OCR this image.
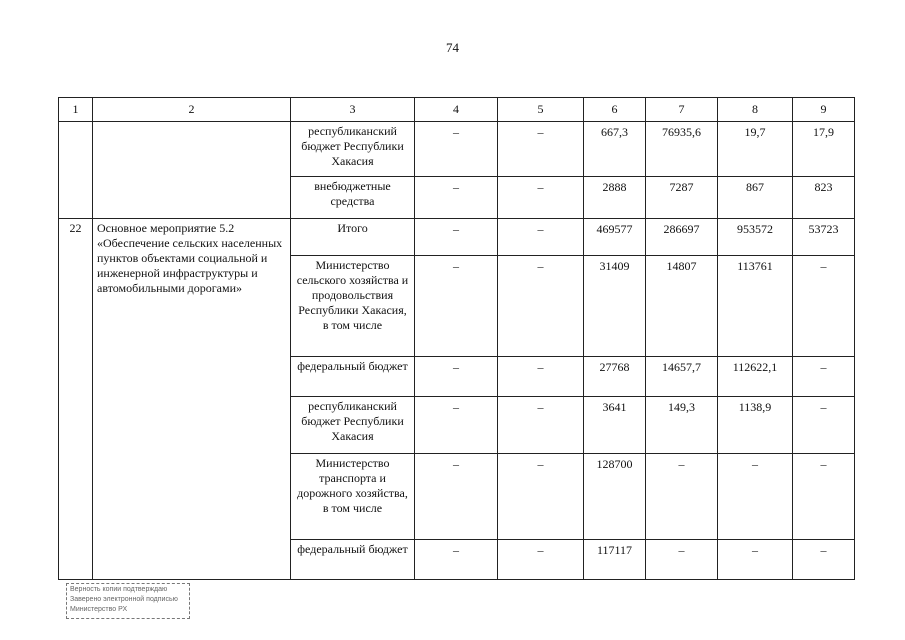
74
1	2	3	4	5	6	7	8	9
		республиканский бюджет Республики Хакасия	–	–	667,3	76935,6	19,7	17,9
		внебюджетные средства	–	–	2888	7287	867	823
22	Основное мероприятие 5.2 «Обеспечение сельских населенных пунктов объектами социальной и инженерной инфраструктуры и автомобильными дорогами»	Итого	–	–	469577	286697	953572	53723
		Министерство сельского хозяйства и продовольствия Республики Хакасия, в том числе	–	–	31409	14807	113761	–
		федеральный бюджет	–	–	27768	14657,7	112622,1	–
		республиканский бюджет Республики Хакасия	–	–	3641	149,3	1138,9	–
		Министерство транспорта и дорожного хозяйства, в том числе	–	–	128700	–	–	–
		федеральный бюджет	–	–	117117	–	–	–
Верность копии подтверждаю
Заверено электронной подписью
Министерство РХ
